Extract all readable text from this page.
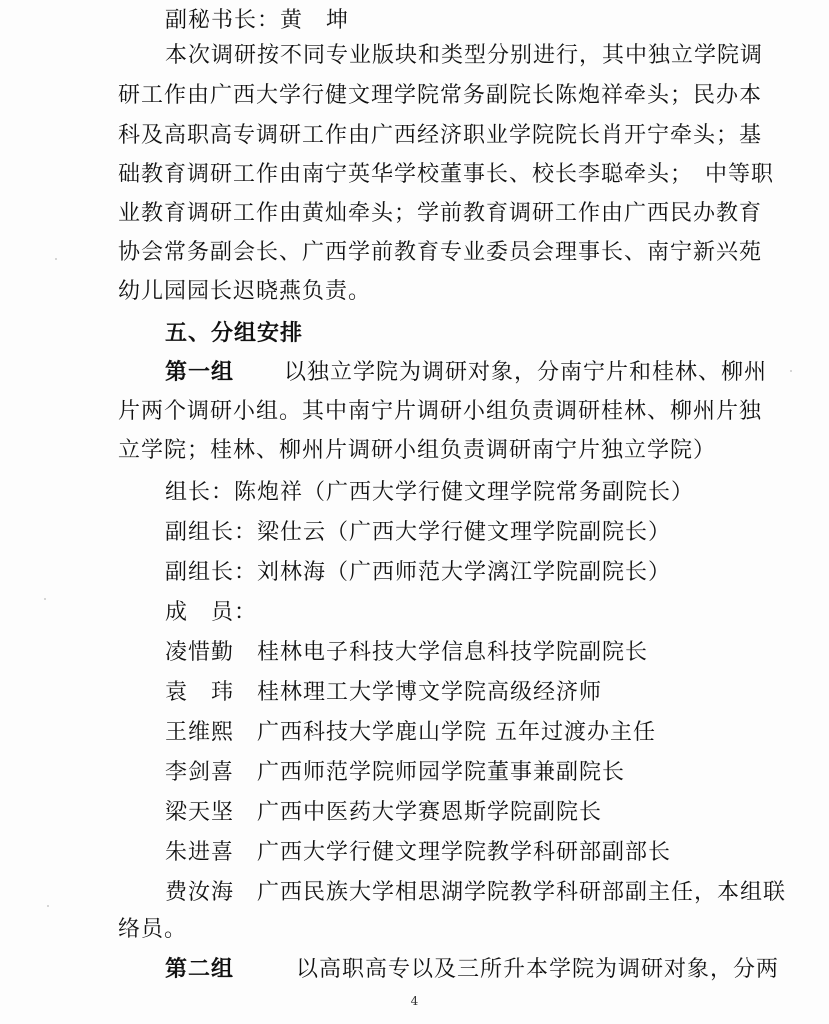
副秘书长：黄　坤
本次调研按不同专业版块和类型分别进行，其中独立学院调
研工作由广西大学行健文理学院常务副院长陈炮祥牵头；民办本
科及高职高专调研工作由广西经济职业学院院长肖开宁牵头；基
础教育调研工作由南宁英华学校董事长、校长李聪牵头；　中等职
业教育调研工作由黄灿牵头；学前教育调研工作由广西民办教育
协会常务副会长、广西学前教育专业委员会理事长、南宁新兴苑
幼儿园园长迟晓燕负责。
五、分组安排
第一组 以独立学院为调研对象，分南宁片和桂林、柳州
片两个调研小组。其中南宁片调研小组负责调研桂林、柳州片独
立学院；桂林、柳州片调研小组负责调研南宁片独立学院）
组长：陈炮祥（广西大学行健文理学院常务副院长）
副组长：梁仕云（广西大学行健文理学院副院长）
副组长：刘林海（广西师范大学漓江学院副院长）
成　员：
凌惜勤　桂林电子科技大学信息科技学院副院长
袁　玮　桂林理工大学博文学院高级经济师
王维熙　广西科技大学鹿山学院 五年过渡办主任
李剑喜　广西师范学院师园学院董事兼副院长
梁天坚　广西中医药大学赛恩斯学院副院长
朱进喜　广西大学行健文理学院教学科研部副部长
费汝海　广西民族大学相思湖学院教学科研部副主任，本组联
络员。
第二组	以高职高专以及三所升本学院为调研对象，分两
4
